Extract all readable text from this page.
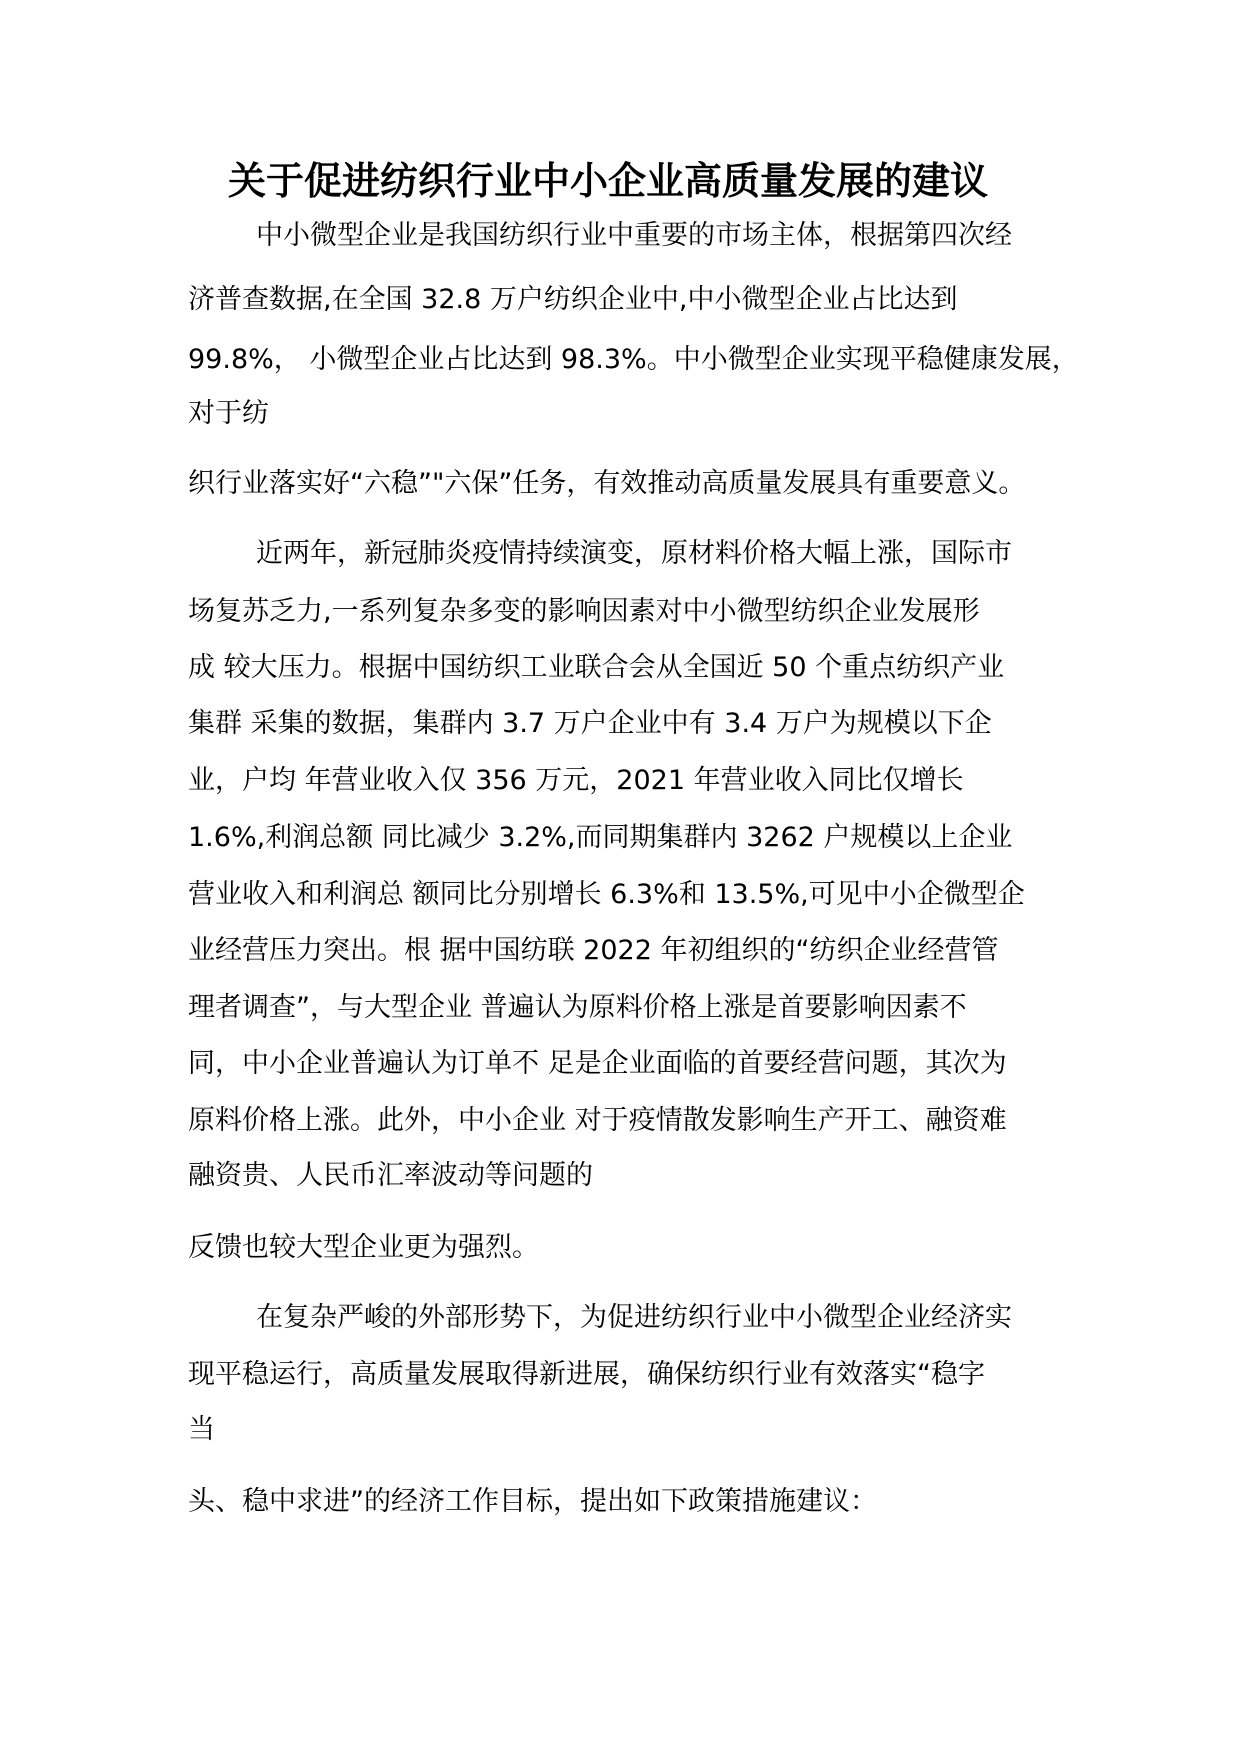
关于促进纺织行业中小企业高质量发展的建议
中小微型企业是我国纺织行业中重要的市场主体，根据第四次经
济普查数据,在全国 32.8 万户纺织企业中,中小微型企业占比达到
99.8%， 小微型企业占比达到 98.3%。中小微型企业实现平稳健康发展，
对于纺
织行业落实好“六稳”"六保”任务，有效推动高质量发展具有重要意义。
近两年，新冠肺炎疫情持续演变，原材料价格大幅上涨，国际市
场复苏乏力,一系列复杂多变的影响因素对中小微型纺织企业发展形
成 较大压力。根据中国纺织工业联合会从全国近 50 个重点纺织产业
集群 采集的数据，集群内 3.7 万户企业中有 3.4 万户为规模以下企
业，户均 年营业收入仅 356 万元，2021 年营业收入同比仅增长
1.6%,利润总额 同比减少 3.2%,而同期集群内 3262 户规模以上企业
营业收入和利润总 额同比分别增长 6.3%和 13.5%,可见中小企微型企
业经营压力突出。根 据中国纺联 2022 年初组织的“纺织企业经营管
理者调查”，与大型企业 普遍认为原料价格上涨是首要影响因素不
同，中小企业普遍认为订单不 足是企业面临的首要经营问题，其次为
原料价格上涨。此外，中小企业 对于疫情散发影响生产开工、融资难
融资贵、人民币汇率波动等问题的
反馈也较大型企业更为强烈。
在复杂严峻的外部形势下，为促进纺织行业中小微型企业经济实
现平稳运行，高质量发展取得新进展，确保纺织行业有效落实“稳字
当
头、稳中求进”的经济工作目标，提出如下政策措施建议：
